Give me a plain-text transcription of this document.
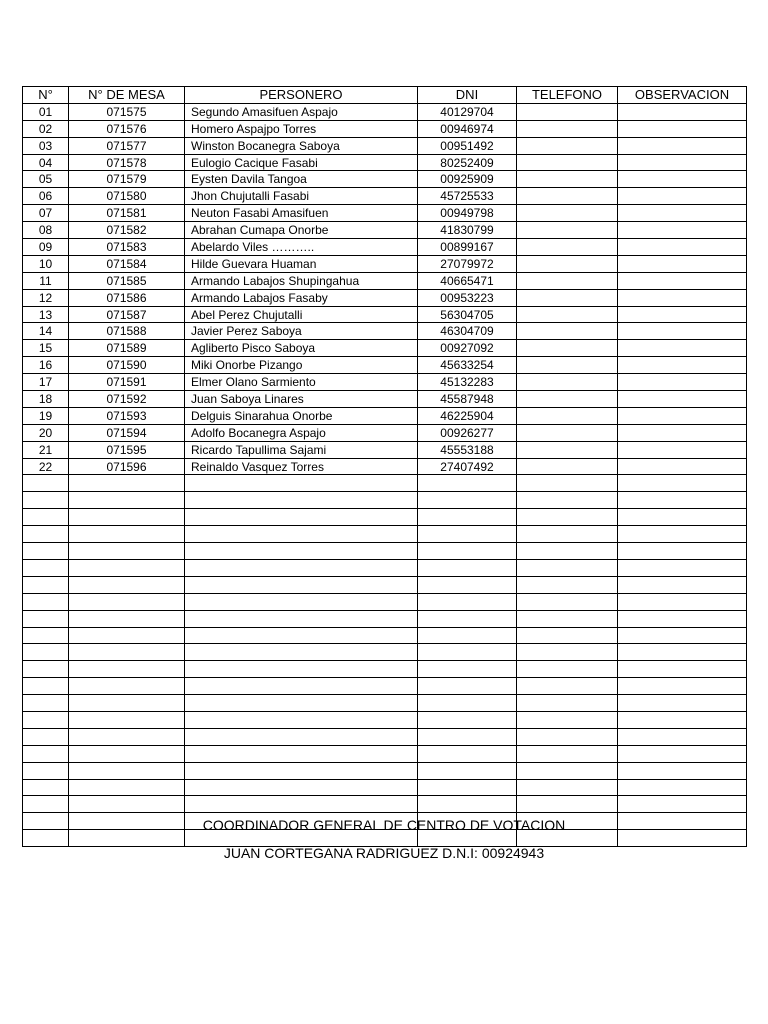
N°	N° DE MESA	PERSONERO	DNI	TELEFONO	OBSERVACION
01	071575	Segundo Amasifuen Aspajo	40129704		
02	071576	Homero Aspajpo Torres	00946974		
03	071577	Winston Bocanegra Saboya	00951492		
04	071578	Eulogio Cacique Fasabi	80252409		
05	071579	Eysten Davila Tangoa	00925909		
06	071580	Jhon Chujutalli Fasabi	45725533		
07	071581	Neuton Fasabi Amasifuen	00949798		
08	071582	Abrahan Cumapa Onorbe	41830799		
09	071583	Abelardo Viles ………..	00899167		
10	071584	Hilde Guevara Huaman	27079972		
11	071585	Armando Labajos Shupingahua	40665471		
12	071586	Armando Labajos Fasaby	00953223		
13	071587	Abel Perez Chujutalli	56304705		
14	071588	Javier Perez Saboya	46304709		
15	071589	Agliberto Pisco Saboya	00927092		
16	071590	Miki Onorbe Pizango	45633254		
17	071591	Elmer Olano Sarmiento	45132283		
18	071592	Juan Saboya Linares	45587948		
19	071593	Delguis Sinarahua Onorbe	46225904		
20	071594	Adolfo Bocanegra Aspajo	00926277		
21	071595	Ricardo Tapullima Sajami	45553188		
22	071596	Reinaldo Vasquez Torres	27407492		

COORDINADOR GENERAL DE CENTRO DE VOTACION
JUAN CORTEGANA RADRIGUEZ D.N.I: 00924943
